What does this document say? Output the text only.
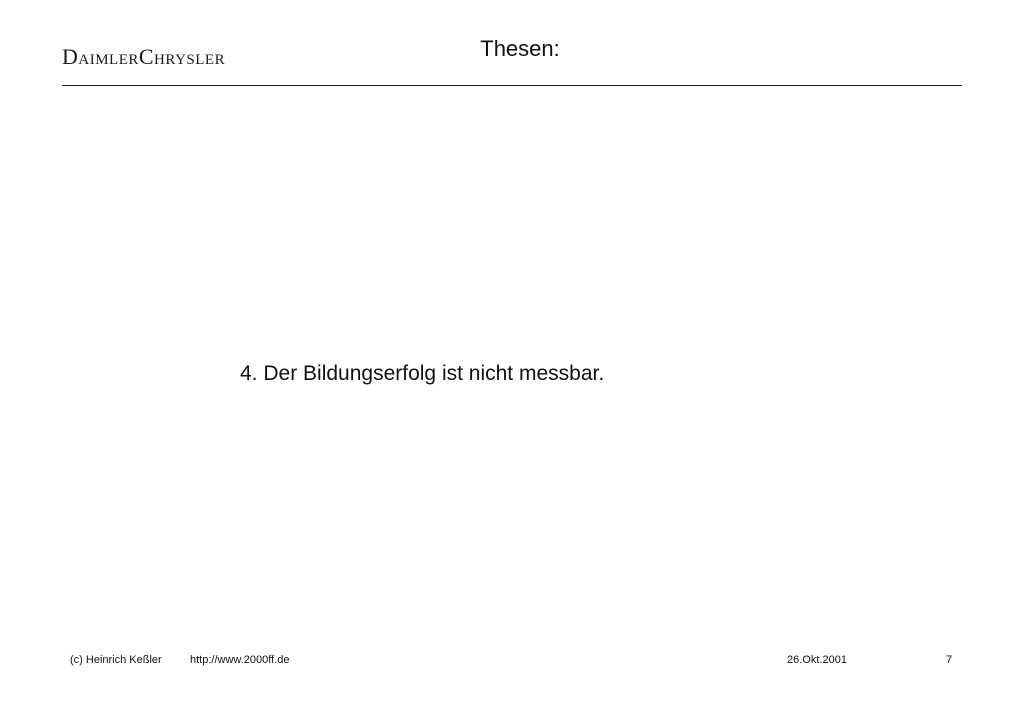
DaimlerChrysler	Thesen:
4. Der Bildungserfolg ist nicht messbar.
(c) Heinrich Keßler	http://www.2000ff.de	26.Okt.2001	7
